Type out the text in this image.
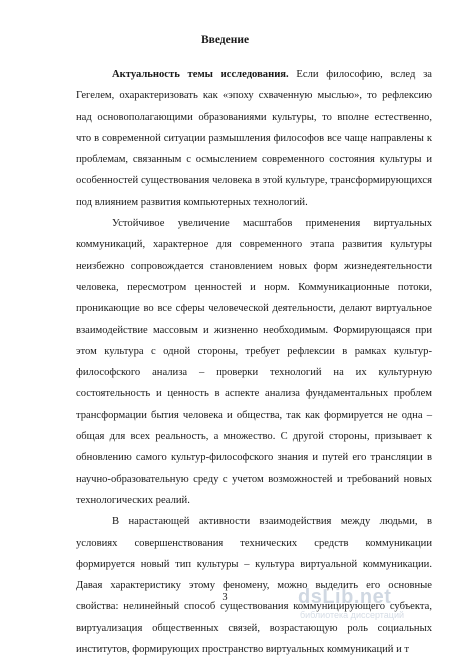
Введение

Актуальность темы исследования. Если философию, вслед за Гегелем, охарактеризовать как «эпоху схваченную мыслью», то рефлексию над основополагающими образованиями культуры, то вполне естественно, что в современной ситуации размышления философов все чаще направлены к проблемам, связанным с осмыслением современного состояния культуры и особенностей существования человека в этой культуре, трансформирующихся под влиянием развития компьютерных технологий.

Устойчивое увеличение масштабов применения виртуальных коммуникаций, характерное для современного этапа развития культуры неизбежно сопровождается становлением новых форм жизнедеятельности человека, пересмотром ценностей и норм. Коммуникационные потоки, проникающие во все сферы человеческой деятельности, делают виртуальное взаимодействие массовым и жизненно необходимым. Формирующаяся при этом культура с одной стороны, требует рефлексии в рамках культур-философского анализа – проверки технологий на их культурную состоятельность и ценность в аспекте анализа фундаментальных проблем трансформации бытия человека и общества, так как формируется не одна – общая для всех реальность, а множество. С другой стороны, призывает к обновлению самого культур-философского знания и путей его трансляции в научно-образовательную среду с учетом возможностей и требований новых технологических реалий.

В нарастающей активности взаимодействия между людьми, в условиях совершенствования технических средств коммуникации формируется новый тип культуры – культура виртуальной коммуникации. Давая характеристику этому феномену, можно выделить его основные свойства: нелинейный способ существования коммуницирующего субъекта, виртуализация общественных связей, возрастающую роль социальных институтов, формирующих пространство виртуальных коммуникаций и т

3	dsLib.net
библиотека диссертаций
